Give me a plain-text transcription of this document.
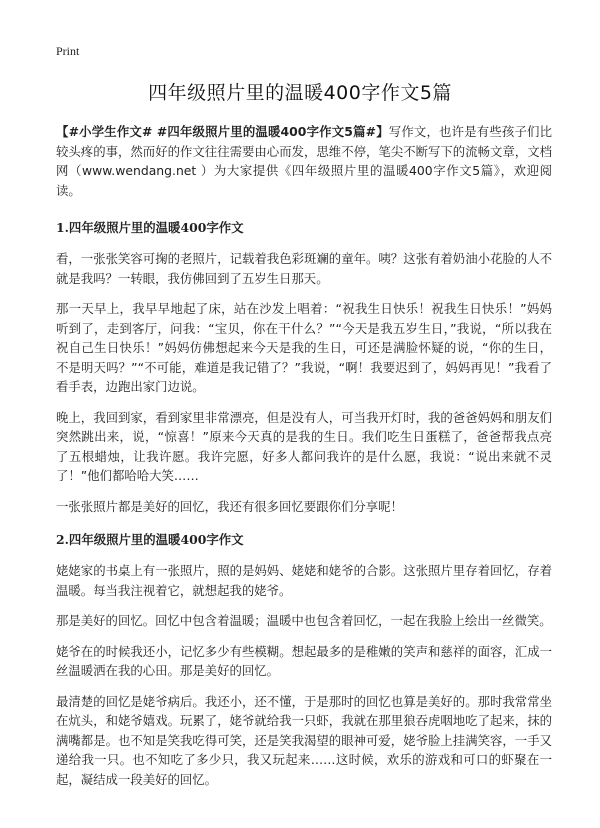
Print
四年级照片里的温暖400字作文5篇

【#小学生作文# #四年级照片里的温暖400字作文5篇#】写作文，也许是有些孩子们比较头疼的事，然而好的作文往往需要由心而发，思维不停，笔尖不断写下的流畅文章，文档网（www.wendang.net ）为大家提供《四年级照片里的温暖400字作文5篇》，欢迎阅读。

1.四年级照片里的温暖400字作文

看，一张张笑容可掬的老照片，记载着我色彩斑斓的童年。咦？这张有着奶油小花脸的人不就是我吗？一转眼，我仿佛回到了五岁生日那天。

那一天早上，我早早地起了床，站在沙发上唱着：“祝我生日快乐！祝我生日快乐！”妈妈听到了，走到客厅，问我：“宝贝，你在干什么？”“今天是我五岁生日，”我说，“所以我在祝自己生日快乐！”妈妈仿佛想起来今天是我的生日，可还是满脸怀疑的说，“你的生日，不是明天吗？”“不可能，难道是我记错了？”我说，“啊！我要迟到了，妈妈再见！”我看了看手表，边跑出家门边说。

晚上，我回到家，看到家里非常漂亮，但是没有人，可当我开灯时，我的爸爸妈妈和朋友们突然跳出来，说，“惊喜！”原来今天真的是我的生日。我们吃生日蛋糕了，爸爸帮我点亮了五根蜡烛，让我许愿。我许完愿，好多人都问我许的是什么愿，我说：“说出来就不灵了！”他们都哈哈大笑……

一张张照片都是美好的回忆，我还有很多回忆要跟你们分享呢！

2.四年级照片里的温暖400字作文

姥姥家的书桌上有一张照片，照的是妈妈、姥姥和姥爷的合影。这张照片里存着回忆，存着温暖。每当我注视着它，就想起我的姥爷。

那是美好的回忆。回忆中包含着温暖；温暖中也包含着回忆，一起在我脸上绘出一丝微笑。

姥爷在的时候我还小，记忆多少有些模糊。想起最多的是稚嫩的笑声和慈祥的面容，汇成一丝温暖洒在我的心田。那是美好的回忆。

最清楚的回忆是姥爷病后。我还小，还不懂，于是那时的回忆也算是美好的。那时我常常坐在炕头，和姥爷嬉戏。玩累了，姥爷就给我一只虾，我就在那里狼吞虎咽地吃了起来，抹的满嘴都是。也不知是笑我吃得可笑，还是笑我渴望的眼神可爱，姥爷脸上挂满笑容，一手又递给我一只。也不知吃了多少只，我又玩起来……这时候，欢乐的游戏和可口的虾聚在一起，凝结成一段美好的回忆。
